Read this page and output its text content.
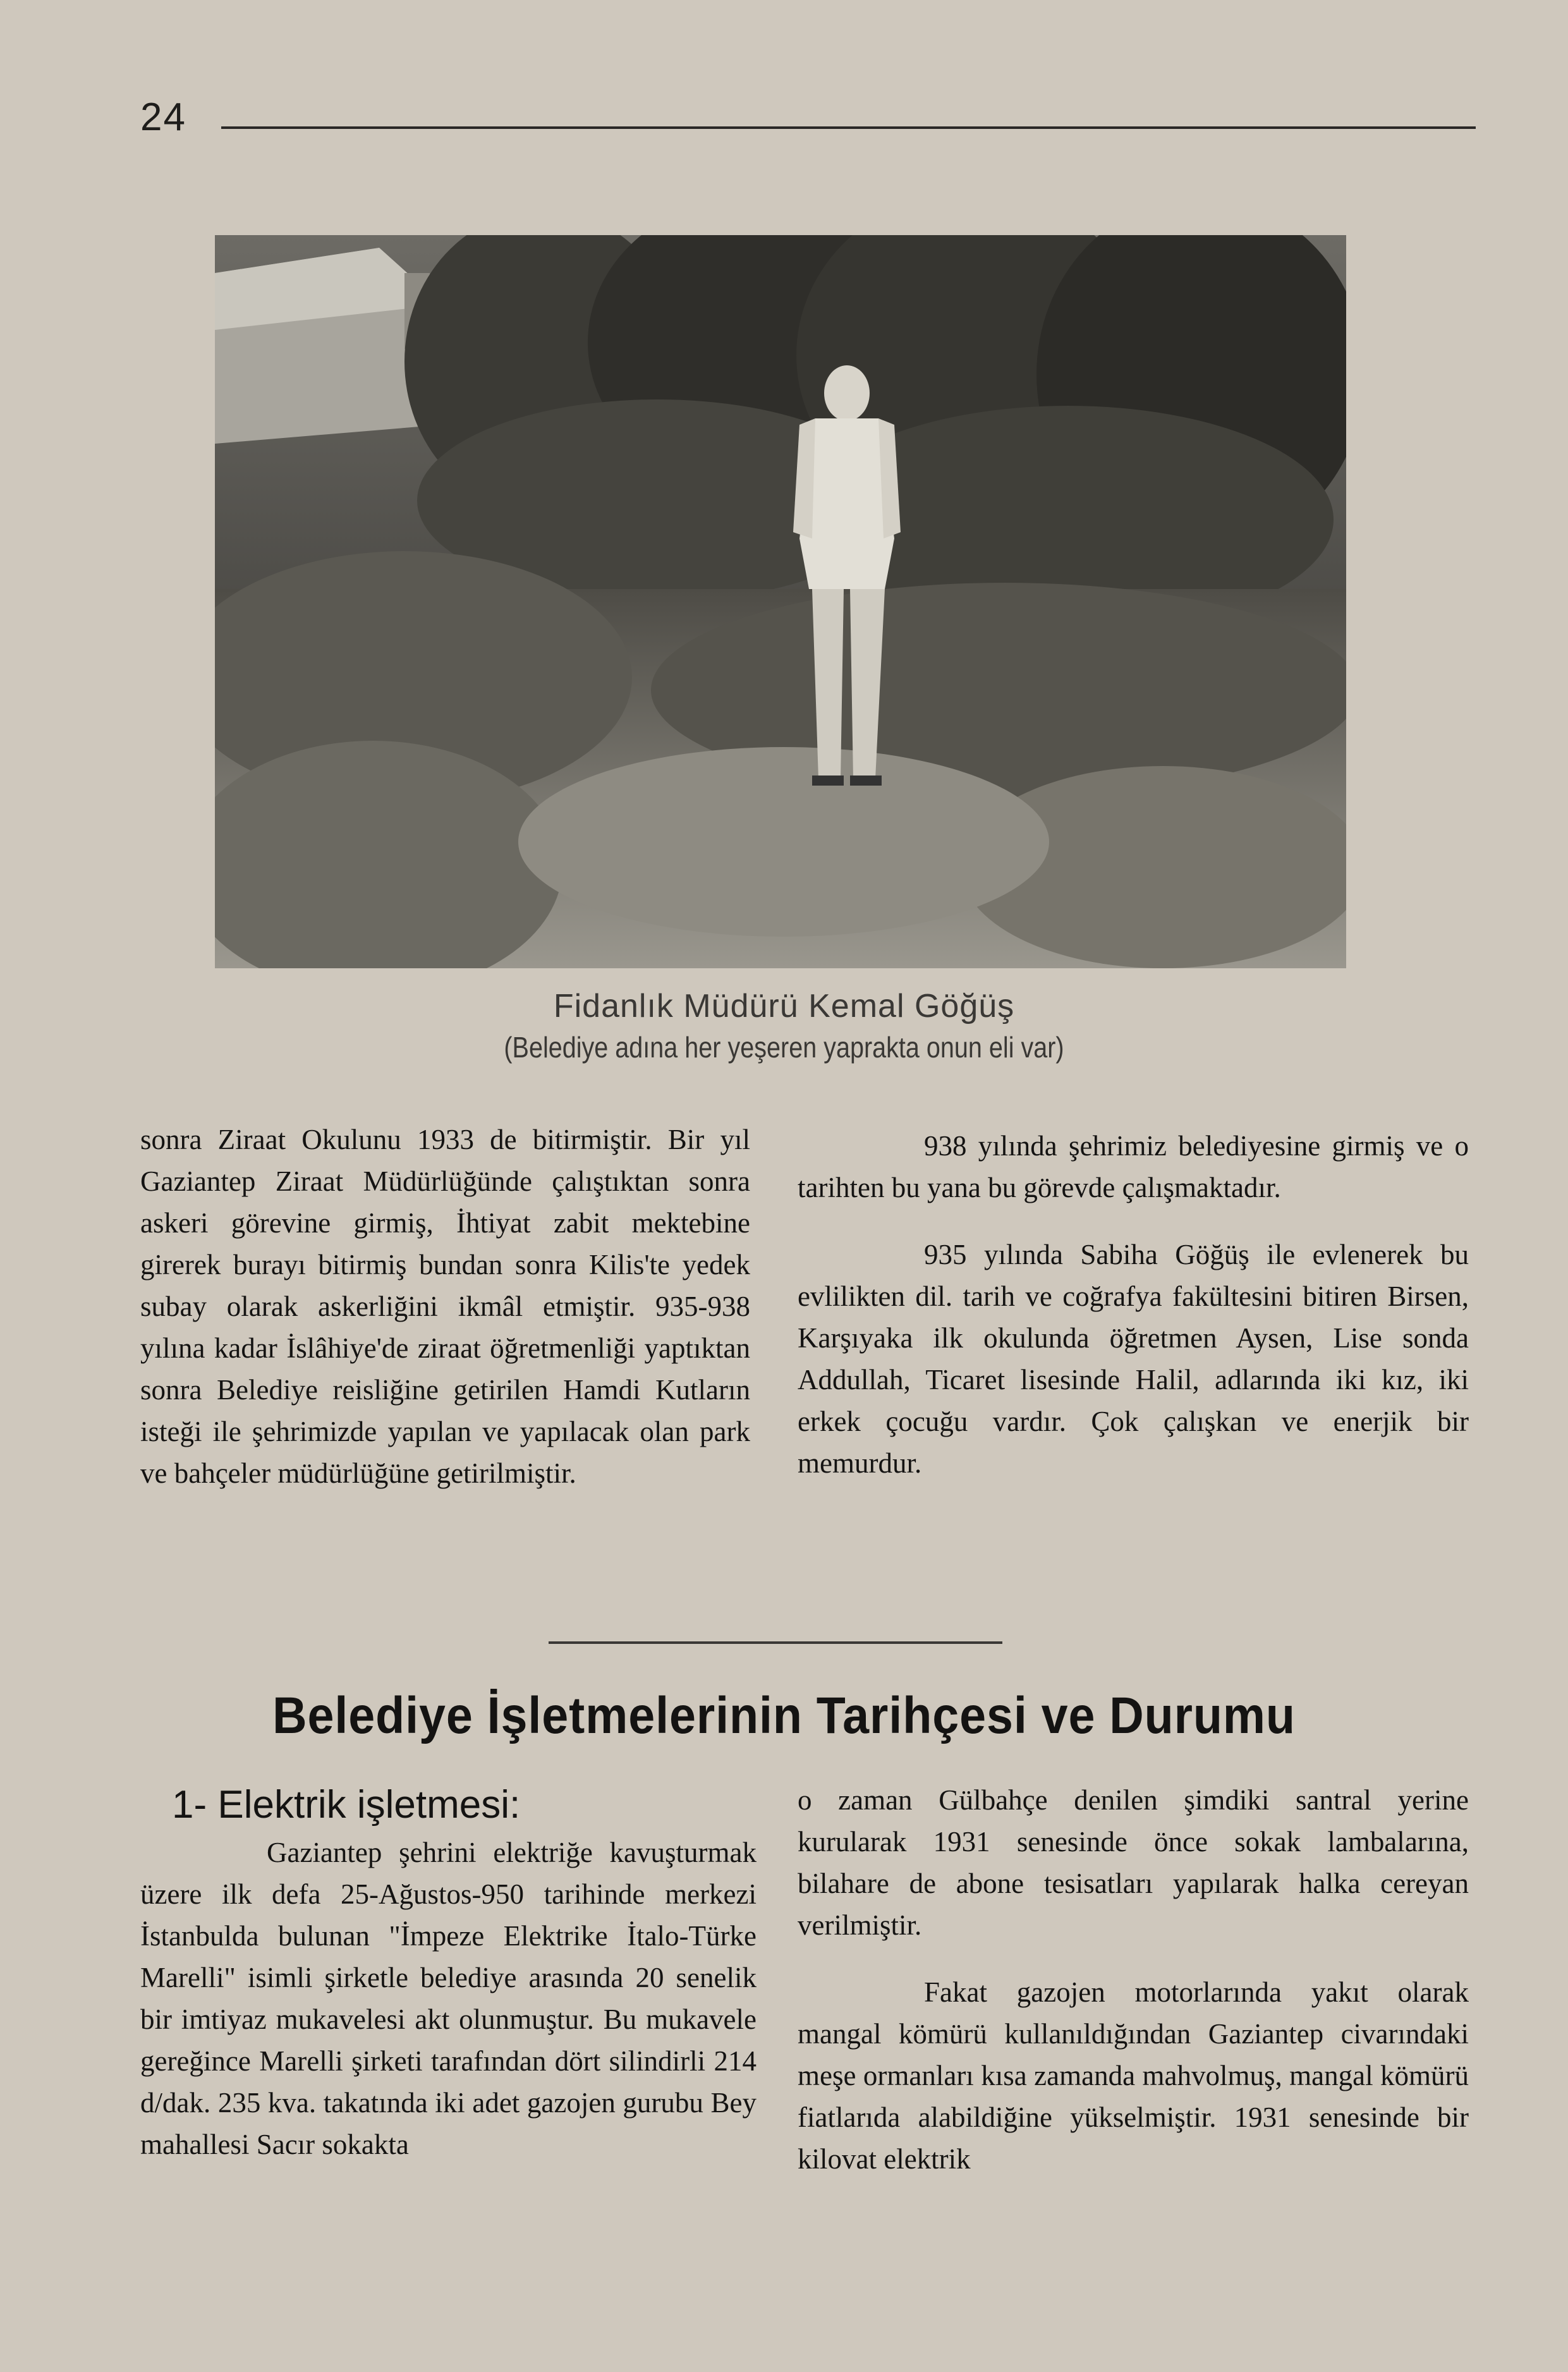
24
Fidanlık Müdürü Kemal Göğüş
(Belediye adına her yeşeren yaprakta onun eli var)

sonra Ziraat Okulunu 1933 de bitirmiştir. Bir yıl Gaziantep Ziraat Müdürlüğünde çalıştıktan sonra askeri görevine girmiş, İhtiyat zabit mektebine girerek burayı bitirmiş bundan sonra Kilis'te yedek subay olarak askerliğini ikmâl etmiştir. 935-938 yılına kadar İslâhiye'de ziraat öğretmenliği yaptıktan sonra Belediye reisliğine getirilen Hamdi Kutların isteği ile şehrimizde yapılan ve yapılacak olan park ve bahçeler müdürlüğüne getirilmiştir.

938 yılında şehrimiz belediyesine girmiş ve o tarihten bu yana bu görevde çalışmaktadır.

935 yılında Sabiha Göğüş ile evlenerek bu evlilikten dil. tarih ve coğrafya fakültesini bitiren Birsen, Karşıyaka ilk okulunda öğretmen Aysen, Lise sonda Addullah, Ticaret lisesinde Halil, adlarında iki kız, iki erkek çocuğu vardır. Çok çalışkan ve enerjik bir memurdur.

Belediye İşletmelerinin Tarihçesi ve Durumu
1- Elektrik işletmesi:

Gaziantep şehrini elektriğe kavuşturmak üzere ilk defa 25-Ağustos-950 tarihinde merkezi İstanbulda bulunan "İmpeze Elektrike İtalo-Türke Marelli" isimli şirketle belediye arasında 20 senelik bir imtiyaz mukavelesi akt olunmuştur. Bu mukavele gereğince Marelli şirketi tarafından dört silindirli 214 d/dak. 235 kva. takatında iki adet gazojen gurubu Bey mahallesi Sacır sokakta

o zaman Gülbahçe denilen şimdiki santral yerine kurularak 1931 senesinde önce sokak lambalarına, bilahare de abone tesisatları yapılarak halka cereyan verilmiştir.

Fakat gazojen motorlarında yakıt olarak mangal kömürü kullanıldığından Gaziantep civarındaki meşe ormanları kısa zamanda mahvolmuş, mangal kömürü fiatlarıda alabildiğine yükselmiştir. 1931 senesinde bir kilovat elektrik
